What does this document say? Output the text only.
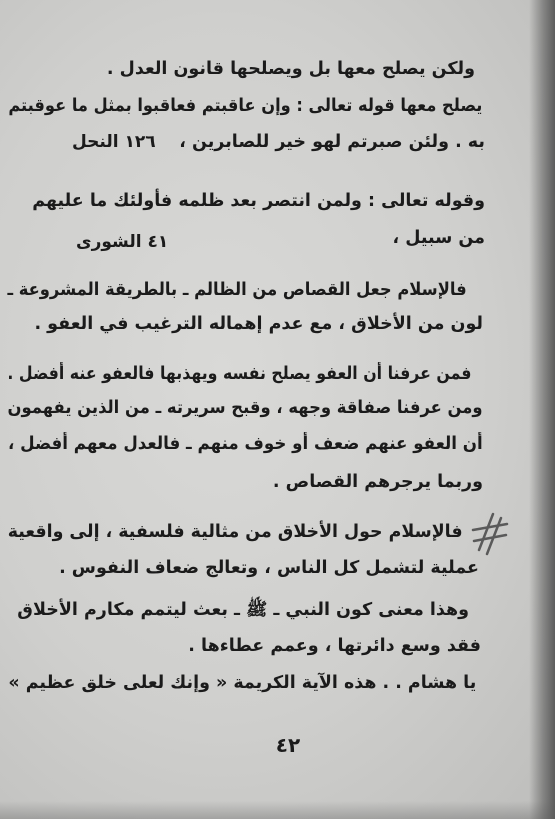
ولكن يصلح معها بل ويصلحها قانون العدل .
يصلح معها قوله تعالى : وإن عاقبتم فعاقبوا بمثل ما عوقبتم
به . ولئن صبرتم لهو خير للصابرين ،
١٢٦ النحل
وقوله تعالى : ولمن انتصر بعد ظلمه فأولئك ما عليهم
من سبيل ،
٤١ الشورى
فالإسلام جعل القصاص من الظالم ـ بالطريقة المشروعة ـ
لون من الأخلاق ، مع عدم إهماله الترغيب في العفو .
فمن عرفنا أن العفو يصلح نفسه ويهذبها فالعفو عنه أفضل .
ومن عرفنا صفاقة وجهه ، وقبح سريرته ـ من الذين يفهمون
أن العفو عنهم ضعف أو خوف منهم ـ فالعدل معهم أفضل ،
وربما يرجرهم القصاص .
فالإسلام حول الأخلاق من مثالية فلسفية ، إلى واقعية
عملية لتشمل كل الناس ، وتعالج ضعاف النفوس .
وهذا معنى كون النبي ـ ﷺ ـ بعث ليتمم مكارم الأخلاق
فقد وسع دائرتها ، وعمم عطاءها .
يا هشام . . هذه الآية الكريمة « وإنك لعلى خلق عظيم »
٤٢
